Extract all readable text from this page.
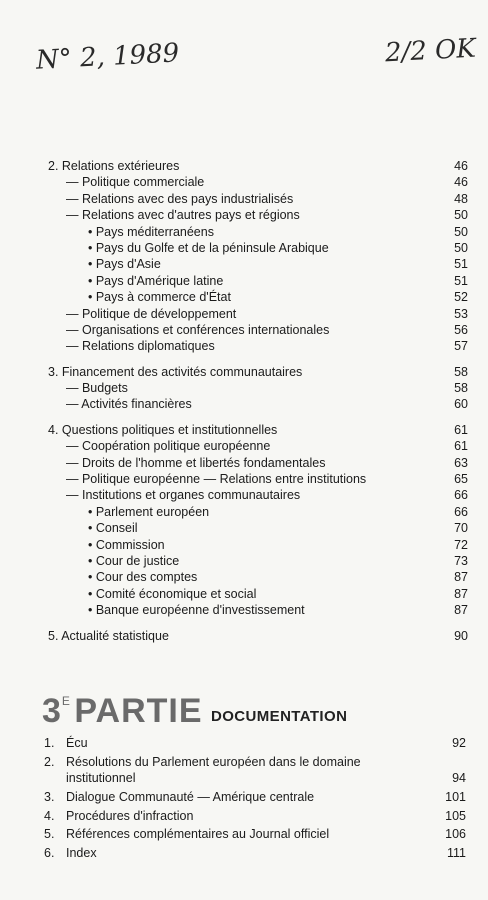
N° 2, 1989	2/2 OK
2. Relations extérieures	46
— Politique commerciale	46
— Relations avec des pays industrialisés	48
— Relations avec d'autres pays et régions	50
• Pays méditerranéens	50
• Pays du Golfe et de la péninsule Arabique	50
• Pays d'Asie	51
• Pays d'Amérique latine	51
• Pays à commerce d'État	52
— Politique de développement	53
— Organisations et conférences internationales	56
— Relations diplomatiques	57
3. Financement des activités communautaires	58
— Budgets	58
— Activités financières	60
4. Questions politiques et institutionnelles	61
— Coopération politique européenne	61
— Droits de l'homme et libertés fondamentales	63
— Politique européenne — Relations entre institutions	65
— Institutions et organes communautaires	66
• Parlement européen	66
• Conseil	70
• Commission	72
• Cour de justice	73
• Cour des comptes	87
• Comité économique et social	87
• Banque européenne d'investissement	87
5. Actualité statistique	90
$3^E$ PARTIE DOCUMENTATION
1. Écu	92
2. Résolutions du Parlement européen dans le domaine institutionnel	94
3. Dialogue Communauté — Amérique centrale	101
4. Procédures d'infraction	105
5. Références complémentaires au Journal officiel	106
6. Index	111
